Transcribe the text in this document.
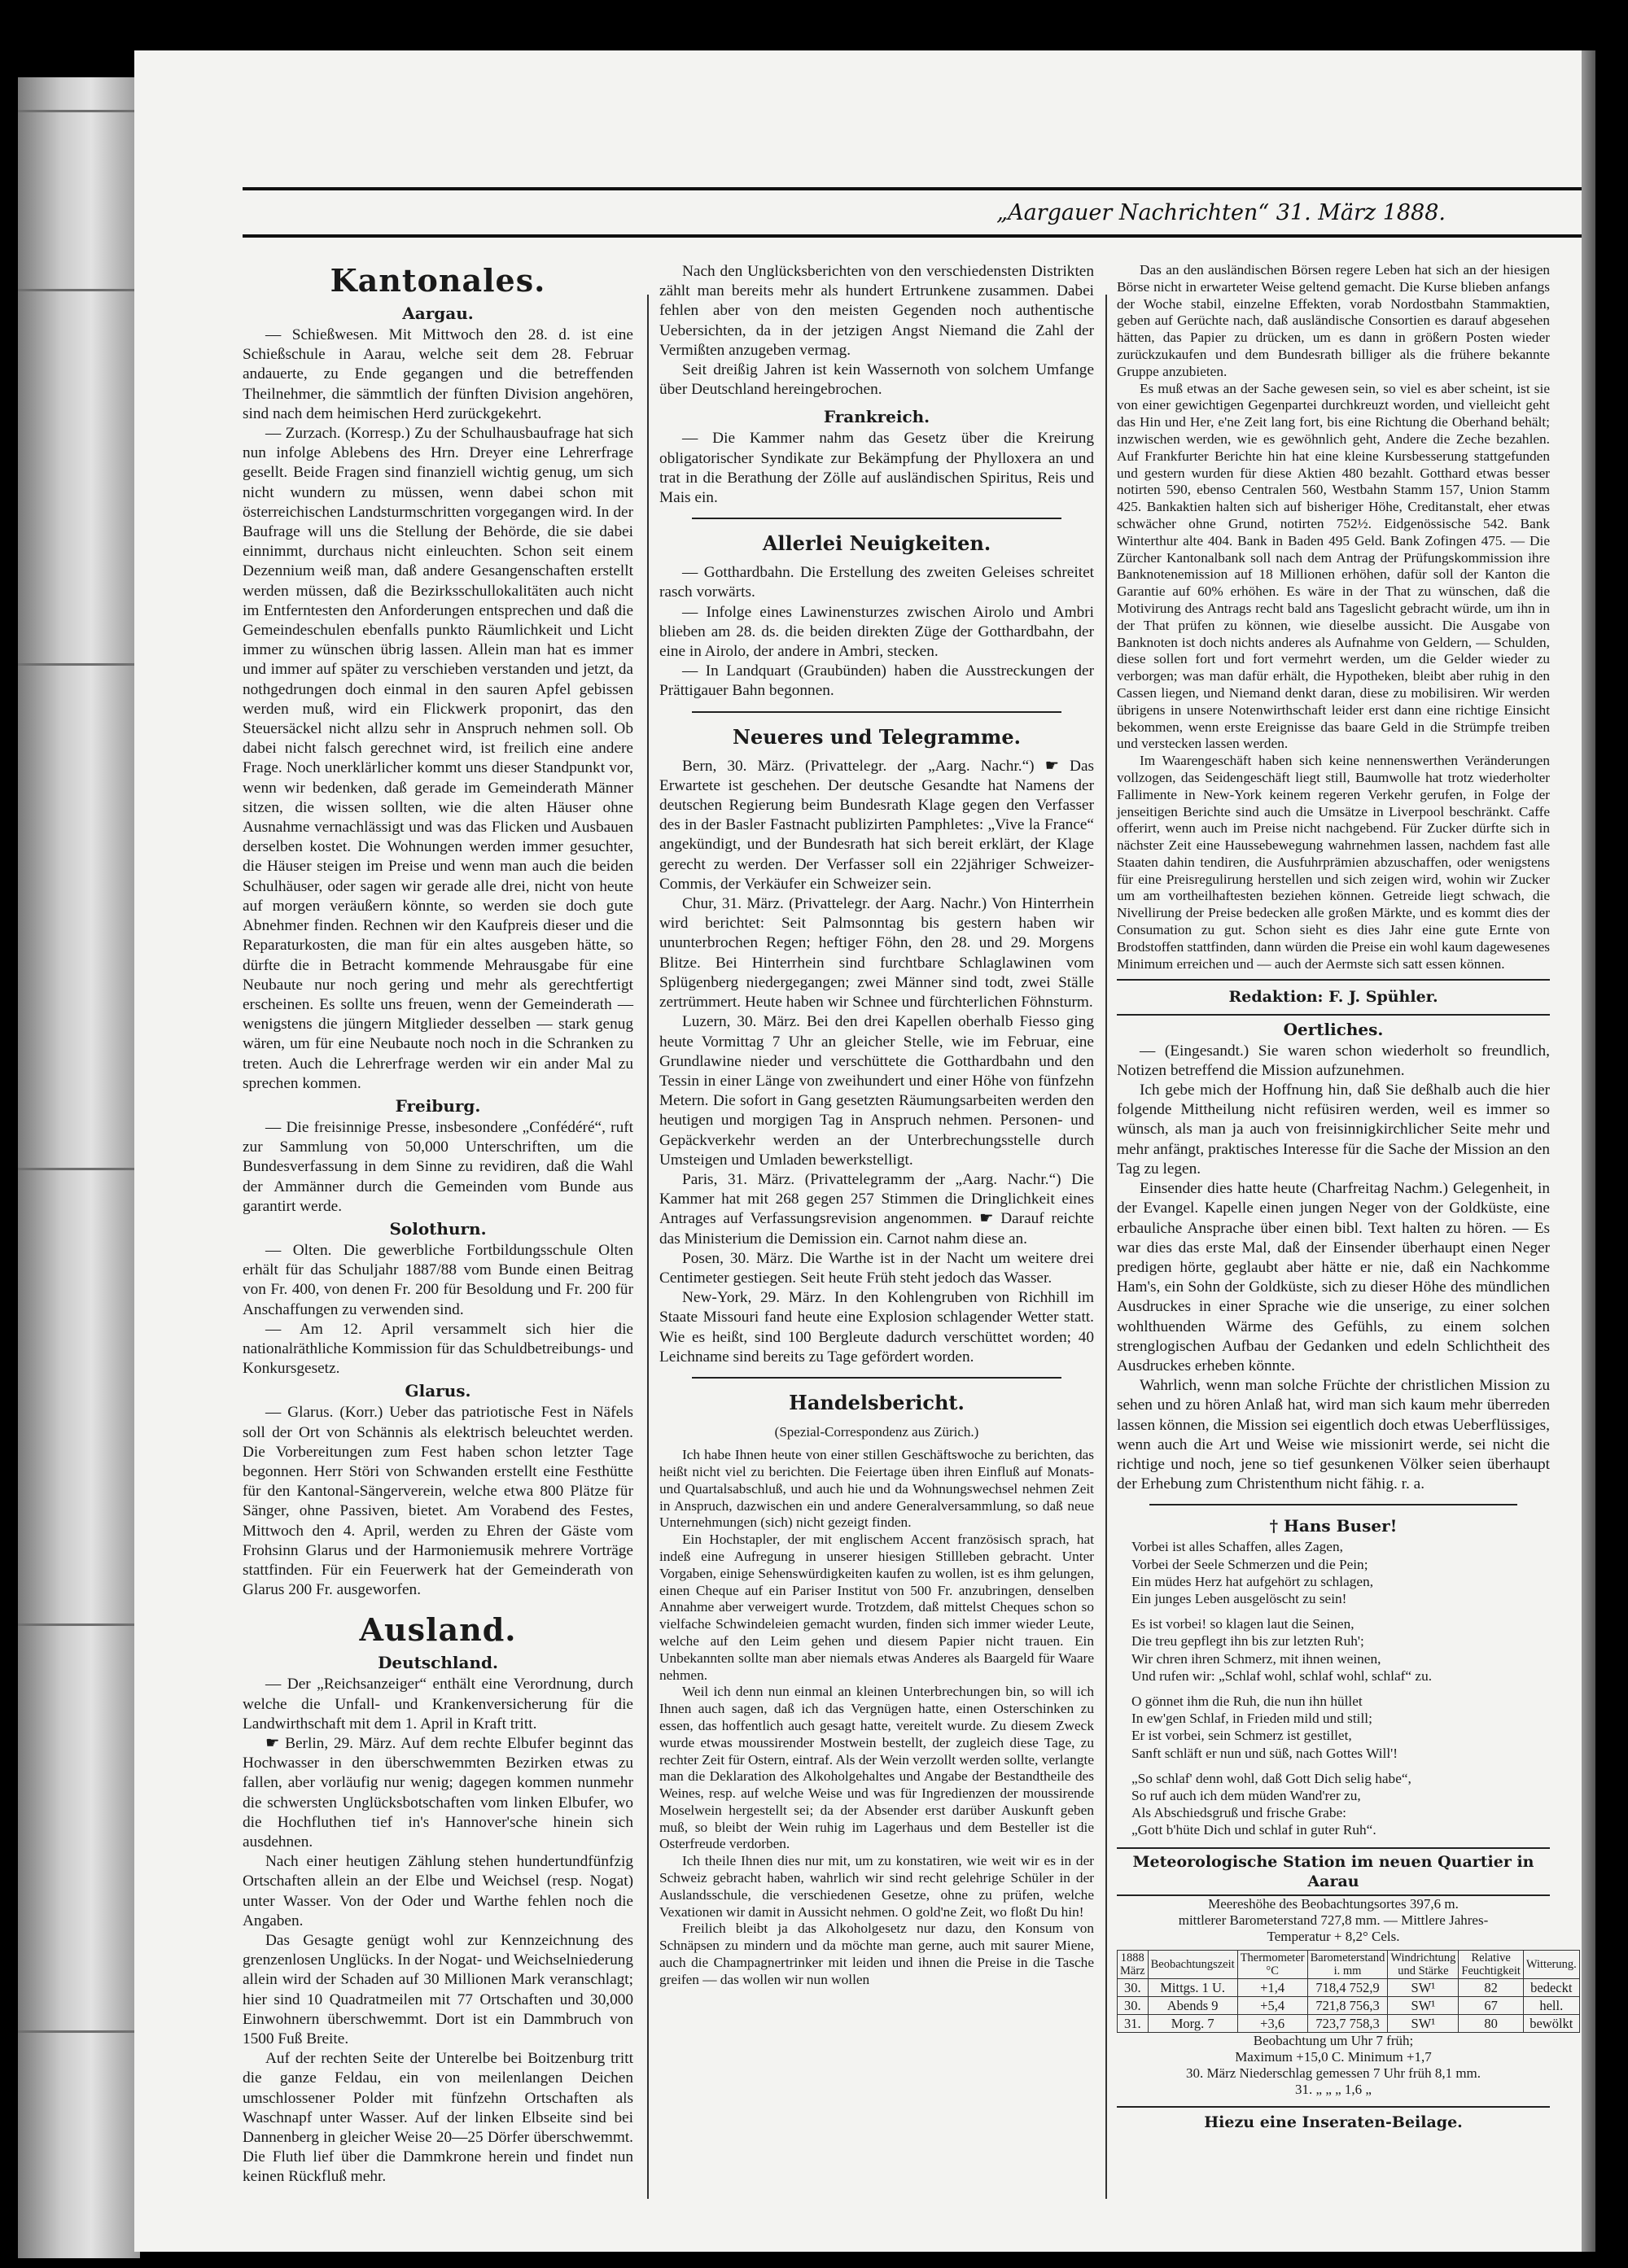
„Aargauer Nachrichten“ 31. März 1888.
Kantonales.
Aargau.

— Schießwesen. Mit Mittwoch den 28. d. ist eine Schießschule in Aarau, welche seit dem 28. Februar andauerte, zu Ende gegangen und die betreffenden Theilnehmer, die sämmtlich der fünften Division angehören, sind nach dem heimischen Herd zurückgekehrt.

— Zurzach. (Korresp.) Zu der Schulhausbaufrage hat sich nun infolge Ablebens des Hrn. Dreyer eine Lehrerfrage gesellt. Beide Fragen sind finanziell wichtig genug, um sich nicht wundern zu müssen, wenn dabei schon mit österreichischen Landsturmschritten vorgegangen wird. In der Baufrage will uns die Stellung der Behörde, die sie dabei einnimmt, durchaus nicht einleuchten. Schon seit einem Dezennium weiß man, daß andere Gesangenschaften erstellt werden müssen, daß die Bezirksschullokalitäten auch nicht im Entferntesten den Anforderungen entsprechen und daß die Gemeindeschulen ebenfalls punkto Räumlichkeit und Licht immer zu wünschen übrig lassen. Allein man hat es immer und immer auf später zu verschieben verstanden und jetzt, da nothgedrungen doch einmal in den sauren Apfel gebissen werden muß, wird ein Flickwerk proponirt, das den Steuersäckel nicht allzu sehr in Anspruch nehmen soll. Ob dabei nicht falsch gerechnet wird, ist freilich eine andere Frage. Noch unerklärlicher kommt uns dieser Standpunkt vor, wenn wir bedenken, daß gerade im Gemeinderath Männer sitzen, die wissen sollten, wie die alten Häuser ohne Ausnahme vernachlässigt und was das Flicken und Ausbauen derselben kostet. Die Wohnungen werden immer gesuchter, die Häuser steigen im Preise und wenn man auch die beiden Schulhäuser, oder sagen wir gerade alle drei, nicht von heute auf morgen veräußern könnte, so werden sie doch gute Abnehmer finden. Rechnen wir den Kaufpreis dieser und die Reparaturkosten, die man für ein altes ausgeben hätte, so dürfte die in Betracht kommende Mehrausgabe für eine Neubaute nur noch gering und mehr als gerechtfertigt erscheinen. Es sollte uns freuen, wenn der Gemeinderath — wenigstens die jüngern Mitglieder desselben — stark genug wären, um für eine Neubaute noch noch in die Schranken zu treten. Auch die Lehrerfrage werden wir ein ander Mal zu sprechen kommen.

Freiburg.

— Die freisinnige Presse, insbesondere „Confédéré“, ruft zur Sammlung von 50,000 Unterschriften, um die Bundesverfassung in dem Sinne zu revidiren, daß die Wahl der Ammänner durch die Gemeinden vom Bunde aus garantirt werde.

Solothurn.

— Olten. Die gewerbliche Fortbildungsschule Olten erhält für das Schuljahr 1887/88 vom Bunde einen Beitrag von Fr. 400, von denen Fr. 200 für Besoldung und Fr. 200 für Anschaffungen zu verwenden sind.

— Am 12. April versammelt sich hier die nationalräthliche Kommission für das Schuldbetreibungs- und Konkursgesetz.

Glarus.

— Glarus. (Korr.) Ueber das patriotische Fest in Näfels soll der Ort von Schännis als elektrisch beleuchtet werden. Die Vorbereitungen zum Fest haben schon letzter Tage begonnen. Herr Störi von Schwanden erstellt eine Festhütte für den Kantonal-Sängerverein, welche etwa 800 Plätze für Sänger, ohne Passiven, bietet. Am Vorabend des Festes, Mittwoch den 4. April, werden zu Ehren der Gäste vom Frohsinn Glarus und der Harmoniemusik mehrere Vorträge stattfinden. Für ein Feuerwerk hat der Gemeinderath von Glarus 200 Fr. ausgeworfen.

Ausland.
Deutschland.

— Der „Reichsanzeiger“ enthält eine Verordnung, durch welche die Unfall- und Krankenversicherung für die Landwirthschaft mit dem 1. April in Kraft tritt.

☛ Berlin, 29. März. Auf dem rechte Elbufer beginnt das Hochwasser in den überschwemmten Bezirken etwas zu fallen, aber vorläufig nur wenig; dagegen kommen nunmehr die schwersten Unglücksbotschaften vom linken Elbufer, wo die Hochfluthen tief in's Hannover'sche hinein sich ausdehnen.

Nach einer heutigen Zählung stehen hundertundfünfzig Ortschaften allein an der Elbe und Weichsel (resp. Nogat) unter Wasser. Von der Oder und Warthe fehlen noch die Angaben.

Das Gesagte genügt wohl zur Kennzeichnung des grenzenlosen Unglücks. In der Nogat- und Weichselniederung allein wird der Schaden auf 30 Millionen Mark veranschlagt; hier sind 10 Quadratmeilen mit 77 Ortschaften und 30,000 Einwohnern überschwemmt. Dort ist ein Dammbruch von 1500 Fuß Breite.

Auf der rechten Seite der Unterelbe bei Boitzenburg tritt die ganze Feldau, ein von meilenlangen Deichen umschlossener Polder mit fünfzehn Ortschaften als Waschnapf unter Wasser. Auf der linken Elbseite sind bei Dannenberg in gleicher Weise 20—25 Dörfer überschwemmt. Die Fluth lief über die Dammkrone herein und findet nun keinen Rückfluß mehr.

Nach den Unglücksberichten von den verschiedensten Distrikten zählt man bereits mehr als hundert Ertrunkene zusammen. Dabei fehlen aber von den meisten Gegenden noch authentische Uebersichten, da in der jetzigen Angst Niemand die Zahl der Vermißten anzugeben vermag.

Seit dreißig Jahren ist kein Wassernoth von solchem Umfange über Deutschland hereingebrochen.

Frankreich.

— Die Kammer nahm das Gesetz über die Kreirung obligatorischer Syndikate zur Bekämpfung der Phylloxera an und trat in die Berathung der Zölle auf ausländischen Spiritus, Reis und Mais ein.

Allerlei Neuigkeiten.

— Gotthardbahn. Die Erstellung des zweiten Geleises schreitet rasch vorwärts.

— Infolge eines Lawinensturzes zwischen Airolo und Ambri blieben am 28. ds. die beiden direkten Züge der Gotthardbahn, der eine in Airolo, der andere in Ambri, stecken.

— In Landquart (Graubünden) haben die Ausstreckungen der Prättigauer Bahn begonnen.

Neueres und Telegramme.

Bern, 30. März. (Privattelegr. der „Aarg. Nachr.“) ☛ Das Erwartete ist geschehen. Der deutsche Gesandte hat Namens der deutschen Regierung beim Bundesrath Klage gegen den Verfasser des in der Basler Fastnacht publizirten Pamphletes: „Vive la France“ angekündigt, und der Bundesrath hat sich bereit erklärt, der Klage gerecht zu werden. Der Verfasser soll ein 22jähriger Schweizer-Commis, der Verkäufer ein Schweizer sein.

Chur, 31. März. (Privattelegr. der Aarg. Nachr.) Von Hinterrhein wird berichtet: Seit Palmsonntag bis gestern haben wir ununterbrochen Regen; heftiger Föhn, den 28. und 29. Morgens Blitze. Bei Hinterrhein sind furchtbare Schlaglawinen vom Splügenberg niedergegangen; zwei Männer sind todt, zwei Ställe zertrümmert. Heute haben wir Schnee und fürchterlichen Föhnsturm.

Luzern, 30. März. Bei den drei Kapellen oberhalb Fiesso ging heute Vormittag 7 Uhr an gleicher Stelle, wie im Februar, eine Grundlawine nieder und verschüttete die Gotthardbahn und den Tessin in einer Länge von zweihundert und einer Höhe von fünfzehn Metern. Die sofort in Gang gesetzten Räumungsarbeiten werden den heutigen und morgigen Tag in Anspruch nehmen. Personen- und Gepäckverkehr werden an der Unterbrechungsstelle durch Umsteigen und Umladen bewerkstelligt.

Paris, 31. März. (Privattelegramm der „Aarg. Nachr.“) Die Kammer hat mit 268 gegen 257 Stimmen die Dringlichkeit eines Antrages auf Verfassungsrevision angenommen. ☛ Darauf reichte das Ministerium die Demission ein. Carnot nahm diese an.

Posen, 30. März. Die Warthe ist in der Nacht um weitere drei Centimeter gestiegen. Seit heute Früh steht jedoch das Wasser.

New-York, 29. März. In den Kohlengruben von Richhill im Staate Missouri fand heute eine Explosion schlagender Wetter statt. Wie es heißt, sind 100 Bergleute dadurch verschüttet worden; 40 Leichname sind bereits zu Tage gefördert worden.

Handelsbericht.
(Spezial-Correspondenz aus Zürich.)

Ich habe Ihnen heute von einer stillen Geschäftswoche zu berichten, das heißt nicht viel zu berichten. Die Feiertage üben ihren Einfluß auf Monats- und Quartalsabschluß, und auch hie und da Wohnungswechsel nehmen Zeit in Anspruch, dazwischen ein und andere Generalversammlung, so daß neue Unternehmungen (sich) nicht gezeigt finden.

Ein Hochstapler, der mit englischem Accent französisch sprach, hat indeß eine Aufregung in unserer hiesigen Stillleben gebracht. Unter Vorgaben, einige Sehenswürdigkeiten kaufen zu wollen, ist es ihm gelungen, einen Cheque auf ein Pariser Institut von 500 Fr. anzubringen, denselben Annahme aber verweigert wurde. Trotzdem, daß mittelst Cheques schon so vielfache Schwindeleien gemacht wurden, finden sich immer wieder Leute, welche auf den Leim gehen und diesem Papier nicht trauen. Ein Unbekannten sollte man aber niemals etwas Anderes als Baargeld für Waare nehmen.

Weil ich denn nun einmal an kleinen Unterbrechungen bin, so will ich Ihnen auch sagen, daß ich das Vergnügen hatte, einen Osterschinken zu essen, das hoffentlich auch gesagt hatte, vereitelt wurde. Zu diesem Zweck wurde etwas moussirender Mostwein bestellt, der zugleich diese Tage, zu rechter Zeit für Ostern, eintraf. Als der Wein verzollt werden sollte, verlangte man die Deklaration des Alkoholgehaltes und Angabe der Bestandtheile des Weines, resp. auf welche Weise und was für Ingredienzen der moussirende Moselwein hergestellt sei; da der Absender erst darüber Auskunft geben muß, so bleibt der Wein ruhig im Lagerhaus und dem Besteller ist die Osterfreude verdorben.

Ich theile Ihnen dies nur mit, um zu konstatiren, wie weit wir es in der Schweiz gebracht haben, wahrlich wir sind recht gelehrige Schüler in der Auslandsschule, die verschiedenen Gesetze, ohne zu prüfen, welche Vexationen wir damit in Aussicht nehmen. O gold'ne Zeit, wo floßt Du hin!

Freilich bleibt ja das Alkoholgesetz nur dazu, den Konsum von Schnäpsen zu mindern und da möchte man gerne, auch mit saurer Miene, auch die Champagnertrinker mit leiden und ihnen die Preise in die Tasche greifen — das wollen wir nun wollen

Das an den ausländischen Börsen regere Leben hat sich an der hiesigen Börse nicht in erwarteter Weise geltend gemacht. Die Kurse blieben anfangs der Woche stabil, einzelne Effekten, vorab Nordostbahn Stammaktien, geben auf Gerüchte nach, daß ausländische Consortien es darauf abgesehen hätten, das Papier zu drücken, um es dann in größern Posten wieder zurückzukaufen und dem Bundesrath billiger als die frühere bekannte Gruppe anzubieten.

Es muß etwas an der Sache gewesen sein, so viel es aber scheint, ist sie von einer gewichtigen Gegenpartei durchkreuzt worden, und vielleicht geht das Hin und Her, e'ne Zeit lang fort, bis eine Richtung die Oberhand behält; inzwischen werden, wie es gewöhnlich geht, Andere die Zeche bezahlen. Auf Frankfurter Berichte hin hat eine kleine Kursbesserung stattgefunden und gestern wurden für diese Aktien 480 bezahlt. Gotthard etwas besser notirten 590, ebenso Centralen 560, Westbahn Stamm 157, Union Stamm 425. Bankaktien halten sich auf bisheriger Höhe, Creditanstalt, eher etwas schwächer ohne Grund, notirten 752½. Eidgenössische 542. Bank Winterthur alte 404. Bank in Baden 495 Geld. Bank Zofingen 475. — Die Zürcher Kantonalbank soll nach dem Antrag der Prüfungskommission ihre Banknotenemission auf 18 Millionen erhöhen, dafür soll der Kanton die Garantie auf 60% erhöhen. Es wäre in der That zu wünschen, daß die Motivirung des Antrags recht bald ans Tageslicht gebracht würde, um ihn in der That prüfen zu können, wie dieselbe aussicht. Die Ausgabe von Banknoten ist doch nichts anderes als Aufnahme von Geldern, — Schulden, diese sollen fort und fort vermehrt werden, um die Gelder wieder zu verborgen; was man dafür erhält, die Hypotheken, bleibt aber ruhig in den Cassen liegen, und Niemand denkt daran, diese zu mobilisiren. Wir werden übrigens in unsere Notenwirthschaft leider erst dann eine richtige Einsicht bekommen, wenn erste Ereignisse das baare Geld in die Strümpfe treiben und verstecken lassen werden.

Im Waarengeschäft haben sich keine nennenswerthen Veränderungen vollzogen, das Seidengeschäft liegt still, Baumwolle hat trotz wiederholter Fallimente in New-York keinem regeren Verkehr gerufen, in Folge der jenseitigen Berichte sind auch die Umsätze in Liverpool beschränkt. Caffe offerirt, wenn auch im Preise nicht nachgebend. Für Zucker dürfte sich in nächster Zeit eine Haussebewegung wahrnehmen lassen, nachdem fast alle Staaten dahin tendiren, die Ausfuhrprämien abzuschaffen, oder wenigstens für eine Preisregulirung herstellen und sich zeigen wird, wohin wir Zucker um am vortheilhaftesten beziehen können. Getreide liegt schwach, die Nivellirung der Preise bedecken alle großen Märkte, und es kommt dies der Consumation zu gut. Schon sieht es dies Jahr eine gute Ernte von Brodstoffen stattfinden, dann würden die Preise ein wohl kaum dagewesenes Minimum erreichen und — auch der Aermste sich satt essen können.

Redaktion: F. J. Spühler.
Oertliches.

— (Eingesandt.) Sie waren schon wiederholt so freundlich, Notizen betreffend die Mission aufzunehmen.

Ich gebe mich der Hoffnung hin, daß Sie deßhalb auch die hier folgende Mittheilung nicht refüsiren werden, weil es immer so wünsch, als man ja auch von freisinnigkirchlicher Seite mehr und mehr anfängt, praktisches Interesse für die Sache der Mission an den Tag zu legen.

Einsender dies hatte heute (Charfreitag Nachm.) Gelegenheit, in der Evangel. Kapelle einen jungen Neger von der Goldküste, eine erbauliche Ansprache über einen bibl. Text halten zu hören. — Es war dies das erste Mal, daß der Einsender überhaupt einen Neger predigen hörte, geglaubt aber hätte er nie, daß ein Nachkomme Ham's, ein Sohn der Goldküste, sich zu dieser Höhe des mündlichen Ausdruckes in einer Sprache wie die unserige, zu einer solchen wohlthuenden Wärme des Gefühls, zu einem solchen strenglogischen Aufbau der Gedanken und edeln Schlichtheit des Ausdruckes erheben könnte.

Wahrlich, wenn man solche Früchte der christlichen Mission zu sehen und zu hören Anlaß hat, wird man sich kaum mehr überreden lassen können, die Mission sei eigentlich doch etwas Ueberflüssiges, wenn auch die Art und Weise wie missionirt werde, sei nicht die richtige und noch, jene so tief gesunkenen Völker seien überhaupt der Erhebung zum Christenthum nicht fähig. r. a.

† Hans Buser!
Vorbei ist alles Schaffen, alles Zagen,
Vorbei der Seele Schmerzen und die Pein;
Ein müdes Herz hat aufgehört zu schlagen,
Ein junges Leben ausgelöscht zu sein!
Es ist vorbei! so klagen laut die Seinen,
Die treu gepflegt ihn bis zur letzten Ruh';
Wir chren ihren Schmerz, mit ihnen weinen,
Und rufen wir: „Schlaf wohl, schlaf wohl, schlaf“ zu.
O gönnet ihm die Ruh, die nun ihn hüllet
In ew'gen Schlaf, in Frieden mild und still;
Er ist vorbei, sein Schmerz ist gestillet,
Sanft schläft er nun und süß, nach Gottes Will'!
„So schlaf' denn wohl, daß Gott Dich selig habe“,
So ruf auch ich dem müden Wand'rer zu,
Als Abschiedsgruß und frische Grabe:
„Gott b'hüte Dich und schlaf in guter Ruh“.
Meteorologische Station im neuen Quartier in Aarau
Meereshöhe des Beobachtungsortes 397,6 m.
mittlerer Barometerstand 727,8 mm. — Mittlere Jahres-
Temperatur + 8,2° Cels.
1888 März	Beobachtungszeit	Thermometer °C	Barometerstand i. mm	Windrichtung und Stärke	Relative Feuchtigkeit	Witterung.
30.	Mittgs. 1 U.	+1,4	718,4 752,9	SW¹	82	bedeckt
30.	Abends 9	+5,4	721,8 756,3	SW¹	67	hell.
31.	Morg. 7	+3,6	723,7 758,3	SW¹	80	bewölkt
Beobachtung um Uhr 7 früh;
Maximum +15,0 C. Minimum +1,7
30. März Niederschlag gemessen 7 Uhr früh 8,1 mm.
31. „ „ „ 1,6 „
Hiezu eine Inseraten-Beilage.
